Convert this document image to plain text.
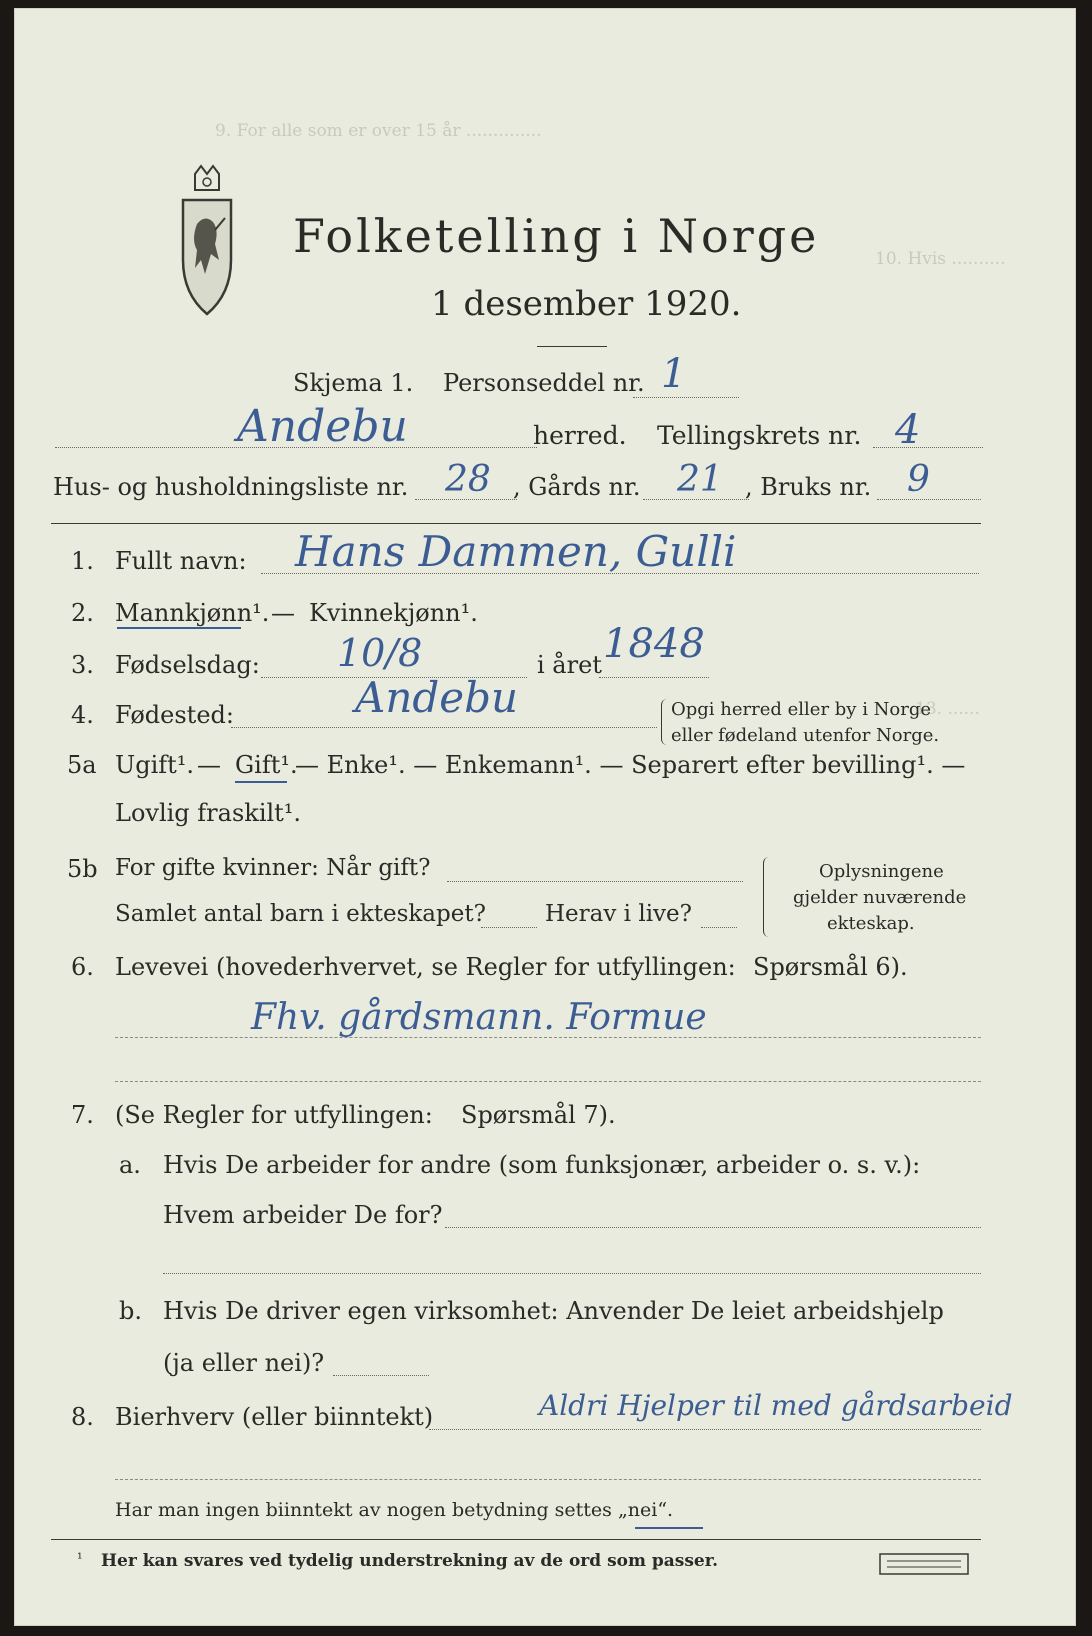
9. For alle som er over 15 år ..............
10. Hvis ..........
13. ......
Folketelling i Norge
1 desember 1920.
Skjema 1. Personseddel nr. 1
Andebu	herred. Tellingskrets nr. 4
Hus- og husholdningsliste nr. 28 , Gårds nr. 21 , Bruks nr. 9
1. Fullt navn: Hans Dammen, Gulli
2. Mannkjønn¹. — Kvinnekjønn¹.
3. Fødselsdag: 10/8	i året 1848
4. Fødested:	Andebu	Opgi herred eller by i Norge
eller fødeland utenfor Norge.
5a Ugift¹. — Gift¹.
— Enke¹. — Enkemann¹. — Separert efter bevilling¹. —
Lovlig fraskilt¹.
5b For gifte kvinner: Når gift?
Samlet antal barn i ekteskapet?	Herav i live?
Oplysningene
gjelder nuværende
ekteskap.
6. Levevei (hovederhvervet, se Regler for utfyllingen: Spørsmål 6).
Fhv. gårdsmann. Formue
7. (Se Regler for utfyllingen: Spørsmål 7).
a. Hvis De arbeider for andre (som funksjonær, arbeider o. s. v.):
Hvem arbeider De for?
b. Hvis De driver egen virksomhet: Anvender De leiet arbeidshjelp
(ja eller nei)?
8. Bierhverv (eller biinntekt)	Aldri Hjelper til med gårdsarbeid
Har man ingen biinntekt av nogen betydning settes „nei“.
¹ Her kan svares ved tydelig understrekning av de ord som passer.
